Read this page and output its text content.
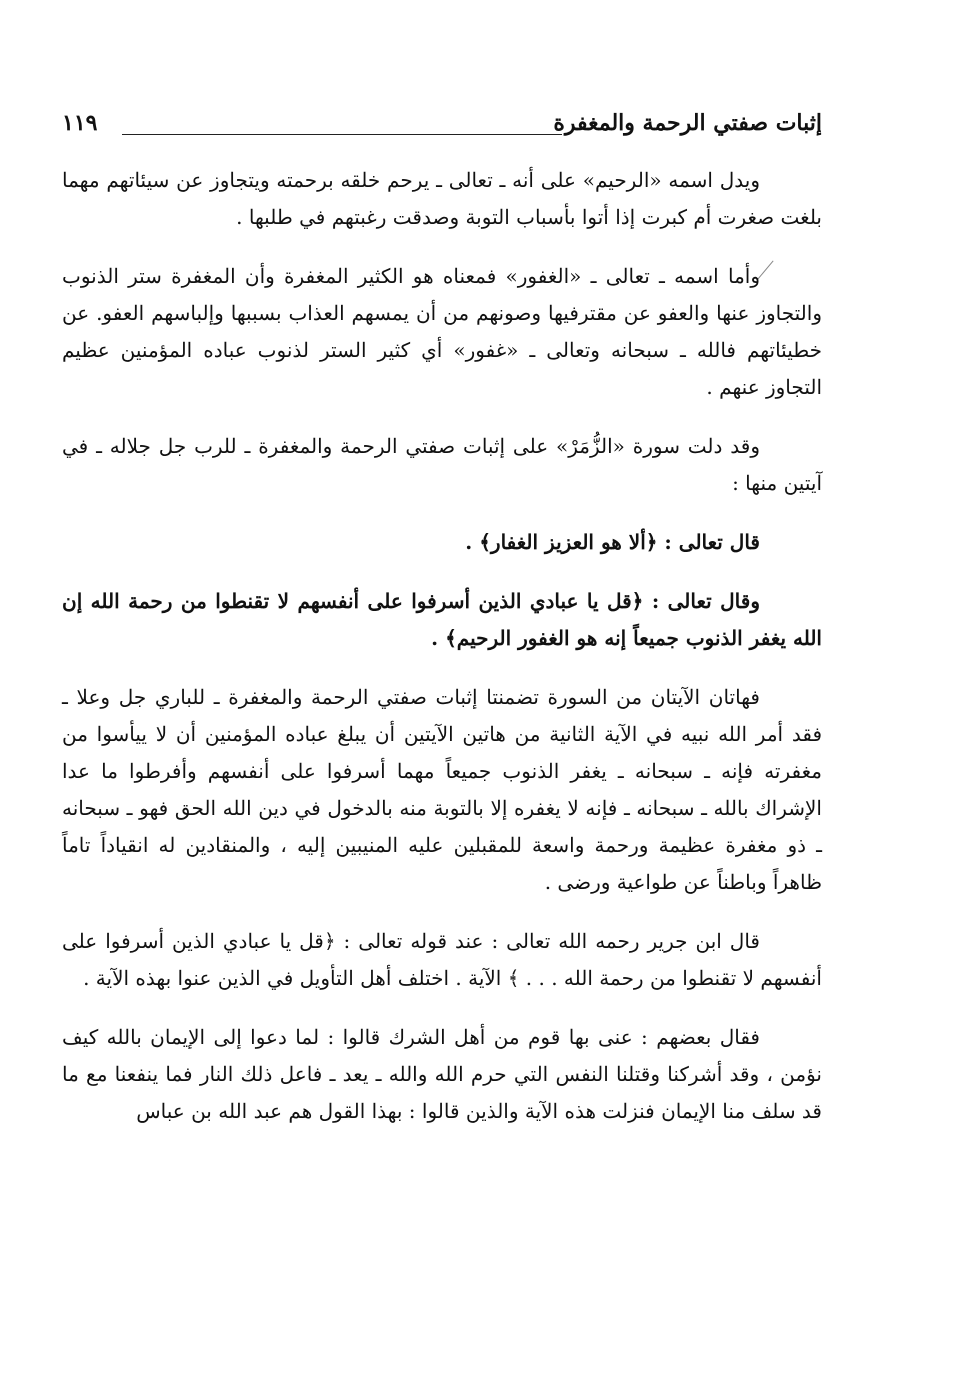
إثبات صفتي الرحمة والمغفرة
١١٩

ويدل اسمه «الرحيم» على أنه ـ تعالى ـ يرحم خلقه برحمته ويتجاوز عن سيئاتهم مهما بلغت صغرت أم كبرت إذا أتوا بأسباب التوبة وصدقت رغبتهم في طلبها .

وأما اسمه ـ تعالى ـ «الغفور» فمعناه هو الكثير المغفرة وأن المغفرة ستر الذنوب والتجاوز عنها والعفو عن مقترفيها وصونهم من أن يمسهم العذاب بسببها وإلباسهم العفو. عن خطيئاتهم فالله ـ سبحانه وتعالى ـ «غفور» أي كثير الستر لذنوب عباده المؤمنين عظيم التجاوز عنهم .

وقد دلت سورة «الزُّمَرْ» على إثبات صفتي الرحمة والمغفرة ـ للرب جل جلاله ـ في آيتين منها :

قال تعالى : ﴿ألا هو العزيز الغفار﴾ .

وقال تعالى : ﴿قل يا عبادي الذين أسرفوا على أنفسهم لا تقنطوا من رحمة الله إن الله يغفر الذنوب جميعاً إنه هو الغفور الرحيم﴾ .

فهاتان الآيتان من السورة تضمنتا إثبات صفتي الرحمة والمغفرة ـ للباري جل وعلا ـ فقد أمر الله نبيه في الآية الثانية من هاتين الآيتين أن يبلغ عباده المؤمنين أن لا ييأسوا من مغفرته فإنه ـ سبحانه ـ يغفر الذنوب جميعاً مهما أسرفوا على أنفسهم وأفرطوا ما عدا الإشراك بالله ـ سبحانه ـ فإنه لا يغفره إلا بالتوبة منه بالدخول في دين الله الحق فهو ـ سبحانه ـ ذو مغفرة عظيمة ورحمة واسعة للمقبلين عليه المنيبين إليه ، والمنقادين له انقياداً تاماً ظاهراً وباطناً عن طواعية ورضى .

قال ابن جرير رحمه الله تعالى : عند قوله تعالى : ﴿قل يا عبادي الذين أسرفوا على أنفسهم لا تقنطوا من رحمة الله . . . ﴾ الآية . اختلف أهل التأويل في الذين عنوا بهذه الآية .

فقال بعضهم : عنى بها قوم من أهل الشرك قالوا : لما دعوا إلى الإيمان بالله كيف نؤمن ، وقد أشركنا وقتلنا النفس التي حرم الله والله ـ يعد ـ فاعل ذلك النار فما ينفعنا مع ما قد سلف منا الإيمان فنزلت هذه الآية والذين قالوا : بهذا القول هم عبد الله بن عباس
